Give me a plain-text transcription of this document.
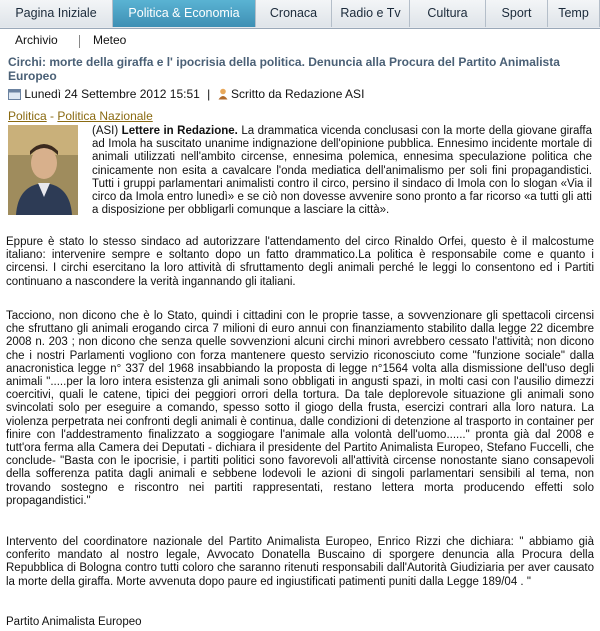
Pagina Iniziale	Politica & Economia	Cronaca	Radio e Tv	Cultura	Sport	Temp
Archivio	Meteo
Circhi: morte della giraffa e l' ipocrisia della politica. Denuncia alla Procura del Partito Animalista Europeo
Lunedì 24 Settembre 2012 15:51 | Scritto da Redazione ASI
Politica - Politica Nazionale
(ASI) Lettere in Redazione. La drammatica vicenda conclusasi con la morte della giovane giraffa ad Imola ha suscitato unanime indignazione dell'opinione pubblica. Ennesimo incidente mortale di animali utilizzati nell'ambito circense, ennesima polemica, ennesima speculazione politica che cinicamente non esita a cavalcare l'onda mediatica dell'animalismo per soli fini propagandistici. Tutti i gruppi parlamentari animalisti contro il circo, persino il sindaco di Imola con lo slogan «Via il circo da Imola entro lunedì» e se ciò non dovesse avvenire sono pronto a far ricorso «a tutti gli atti a disposizione per obbligarli comunque a lasciare la città».
Eppure è stato lo stesso sindaco ad autorizzare l'attendamento del circo Rinaldo Orfei, questo è il malcostume italiano: intervenire sempre e soltanto dopo un fatto drammatico.La politica è responsabile come e quanto i circensi. I circhi esercitano la loro attività di sfruttamento degli animali perché le leggi lo consentono ed i Partiti continuano a nascondere la verità ingannando gli italiani.
Tacciono, non dicono che è lo Stato, quindi i cittadini con le proprie tasse, a sovvenzionare gli spettacoli circensi che sfruttano gli animali erogando circa 7 milioni di euro annui con finanziamento stabilito dalla legge 22 dicembre 2008 n. 203 ; non dicono che senza quelle sovvenzioni alcuni circhi minori avrebbero cessato l'attività; non dicono che i nostri Parlamenti vogliono con forza mantenere questo servizio riconosciuto come "funzione sociale" dalla anacronistica legge n° 337 del 1968 insabbiando la proposta di legge n°1564 volta alla dismissione dell'uso degli animali ".....per la loro intera esistenza gli animali sono obbligati in angusti spazi, in molti casi con l'ausilio dimezzi coercitivi, quali le catene, tipici dei peggiori orrori della tortura. Da tale deplorevole situazione gli animali sono svincolati solo per eseguire a comando, spesso sotto il giogo della frusta, esercizi contrari alla loro natura. La violenza perpetrata nei confronti degli animali è continua, dalle condizioni di detenzione al trasporto in container per finire con l'addestramento finalizzato a soggiogare l'animale alla volontà dell'uomo......" pronta già dal 2008 e tutt'ora ferma alla Camera dei Deputati - dichiara il presidente del Partito Animalista Europeo, Stefano Fuccelli, che conclude- "Basta con le ipocrisie, i partiti politici sono favorevoli all'attività circense nonostante siano consapevoli della sofferenza patita dagli animali e sebbene lodevoli le azioni di singoli parlamentari sensibili al tema, non trovando sostegno e riscontro nei partiti rappresentati, restano lettera morta producendo effetti solo propagandistici."
Intervento del coordinatore nazionale del Partito Animalista Europeo, Enrico Rizzi che dichiara: " abbiamo già conferito mandato al nostro legale, Avvocato Donatella Buscaino di sporgere denuncia alla Procura della Repubblica di Bologna contro tutti coloro che saranno ritenuti responsabili dall'Autorità Giudiziaria per aver causato la morte della giraffa. Morte avvenuta dopo paure ed ingiustificati patimenti puniti dalla Legge 189/04 . "
Partito Animalista Europeo
